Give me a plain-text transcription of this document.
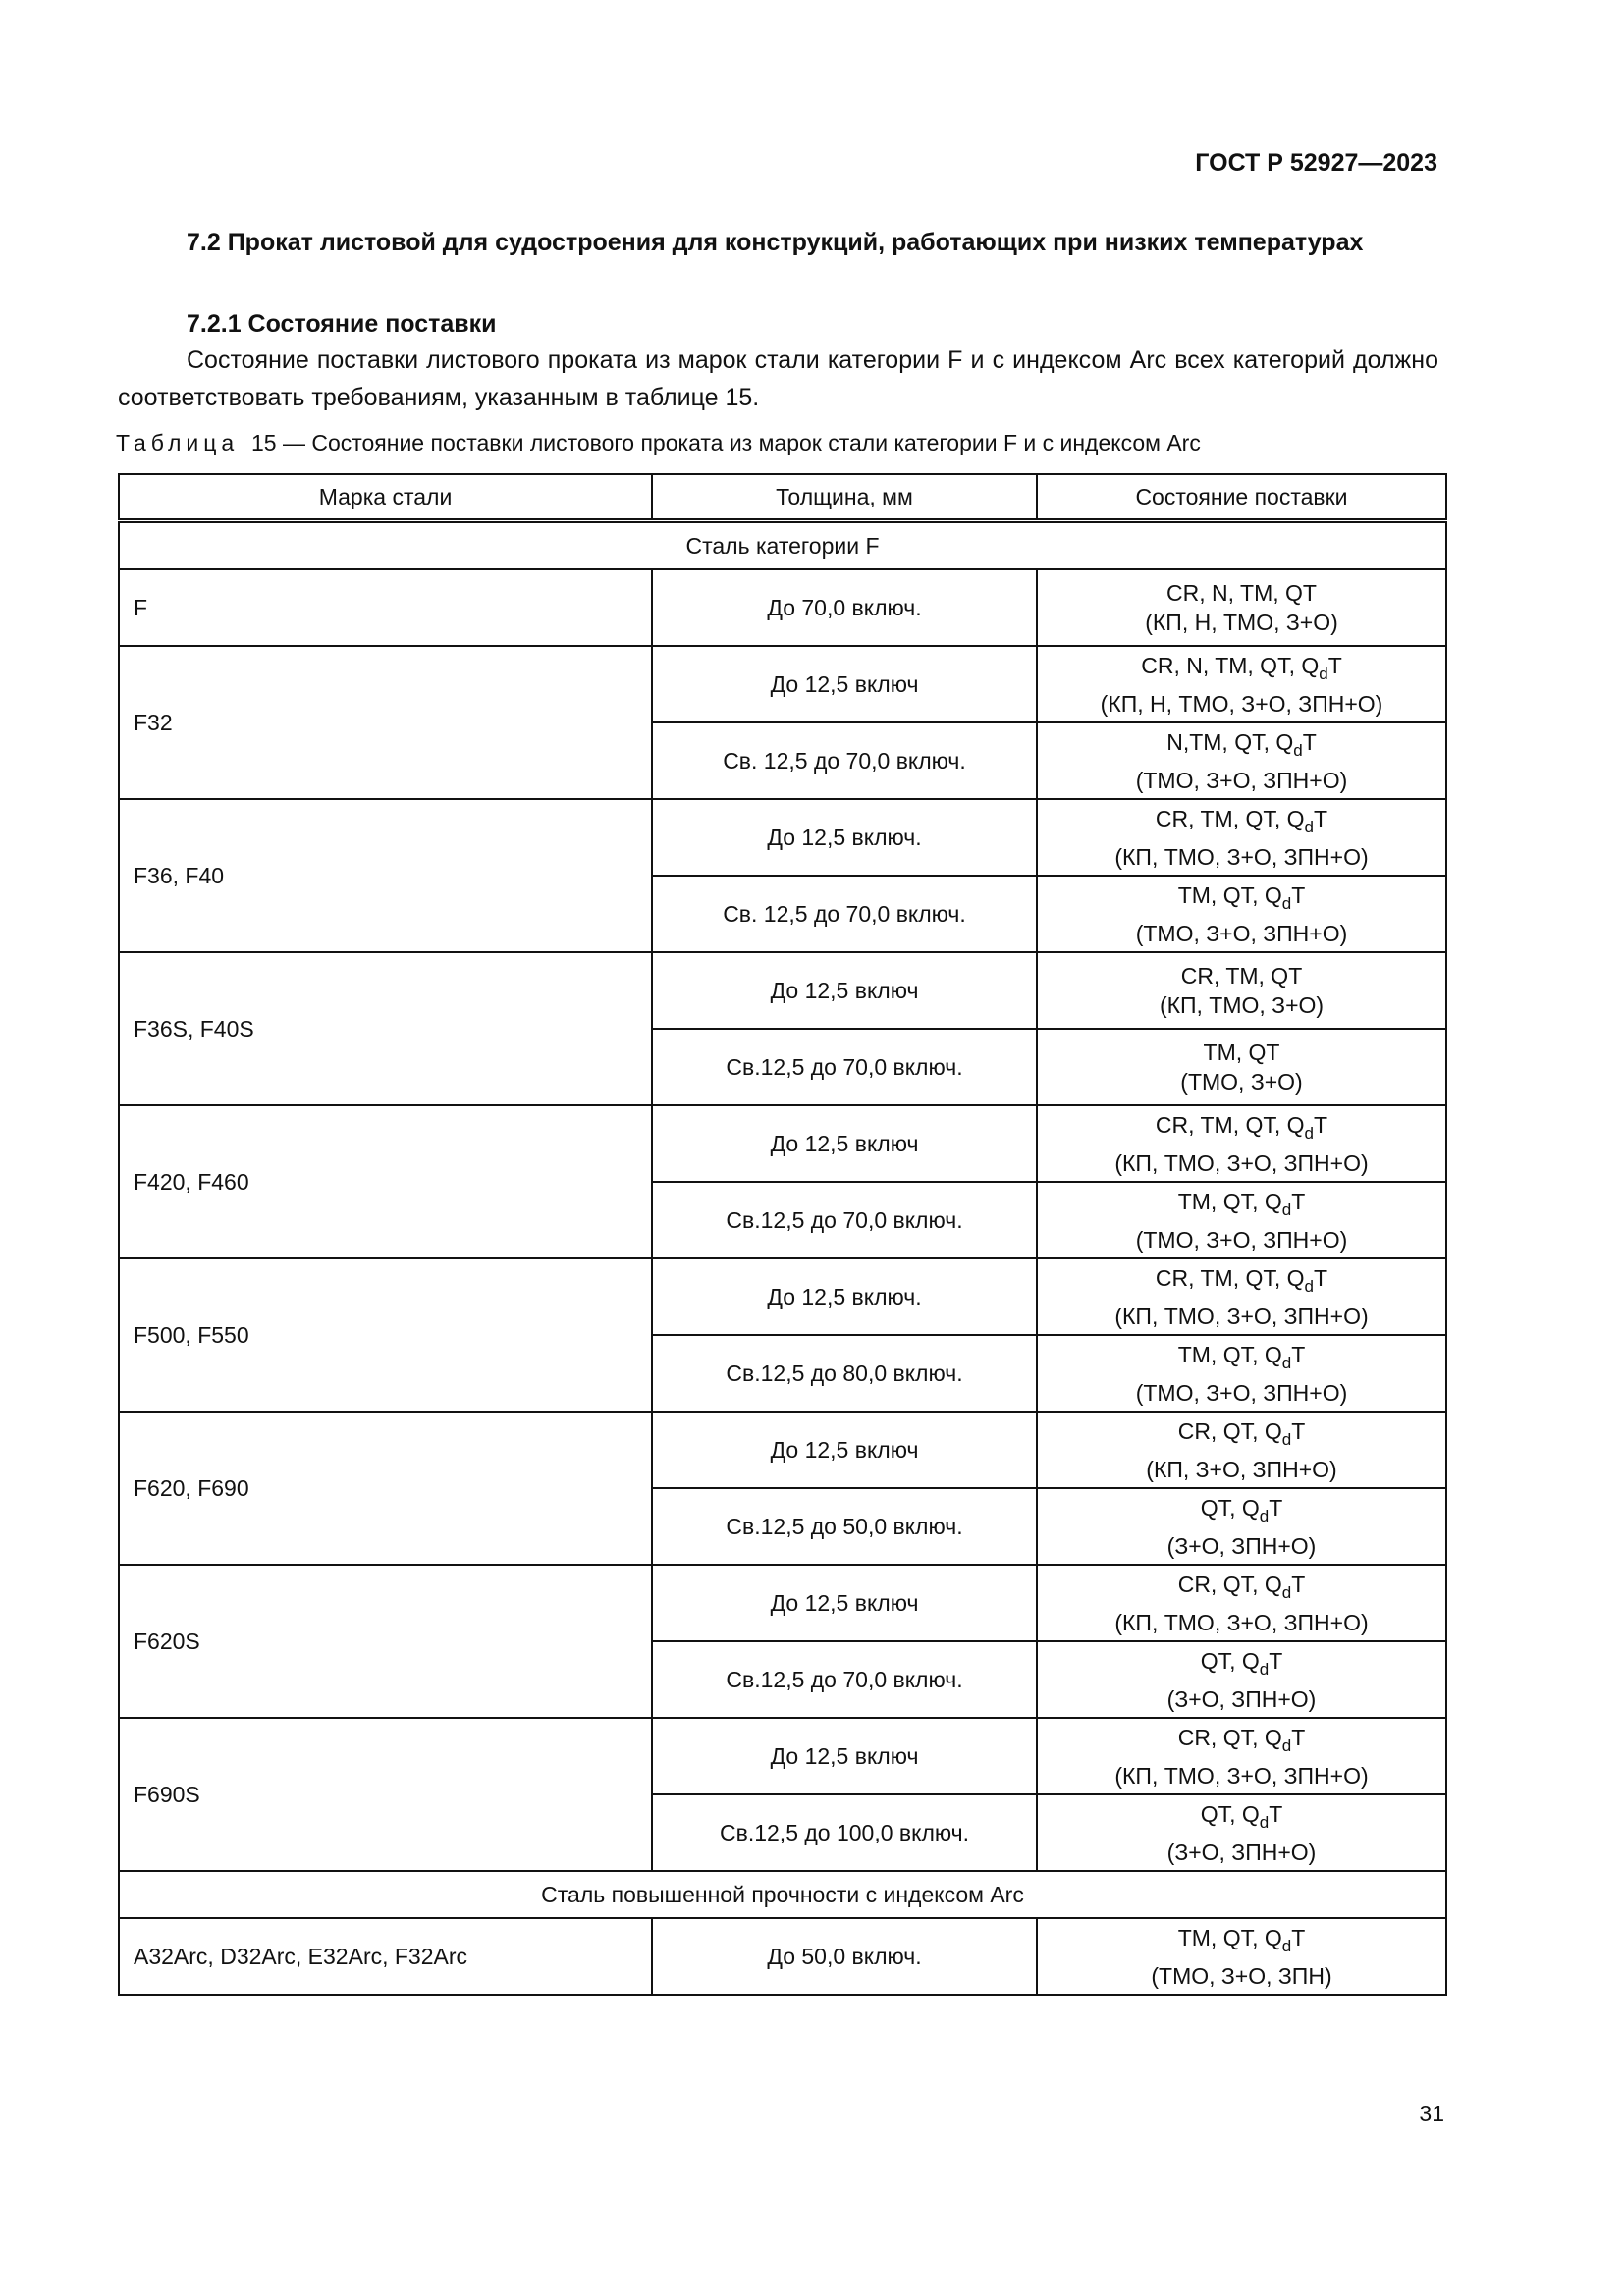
ГОСТ Р 52927—2023

7.2 Прокат листовой для судостроения для конструкций, работающих при низких температурах

7.2.1 Состояние поставки

Состояние поставки листового проката из марок стали категории F и с индексом Arc всех категорий должно соответствовать требованиям, указанным в таблице 15.

Таблица 15 — Состояние поставки листового проката из марок стали категории F и с индексом Arc

Марка стали	Толщина, мм	Состояние поставки
Сталь категории F		
F	До 70,0 включ.	CR, N, TM, QT
(КП, Н, ТМО, З+О)

F32	До 12,5 включ	CR, N, TM, QT, $Q_dT$
(КП, Н, ТМО, З+О, ЗПН+О)

	Св. 12,5 до 70,0 включ.	N,TM, QT, $Q_dT$
(ТМО, З+О, ЗПН+О)

F36, F40	До 12,5 включ.	CR, TM, QT, $Q_dT$
(КП, ТМО, З+О, ЗПН+О)

	Св. 12,5 до 70,0 включ.	TM, QT, $Q_dT$
(ТМО, З+О, ЗПН+О)

F36S, F40S	До 12,5 включ	CR, TM, QT
(КП, ТМО, З+О)

	Св.12,5 до 70,0 включ.	TM, QT
(ТМО, З+О)

F420, F460	До 12,5 включ	CR, TM, QT, $Q_dT$
(КП, ТМО, З+О, ЗПН+О)

	Св.12,5 до 70,0 включ.	TM, QT, $Q_dT$
(ТМО, З+О, ЗПН+О)

F500, F550	До 12,5 включ.	CR, TM, QT, $Q_dT$
(КП, ТМО, З+О, ЗПН+О)

	Св.12,5 до 80,0 включ.	TM, QT, $Q_dT$
(ТМО, З+О, ЗПН+О)

F620, F690	До 12,5 включ	CR, QT, $Q_dT$
(КП, З+О, ЗПН+О)

	Св.12,5 до 50,0 включ.	QT, $Q_dT$
(З+О, ЗПН+О)

F620S	До 12,5 включ	CR, QT, $Q_dT$
(КП, ТМО, З+О, ЗПН+О)

	Св.12,5 до 70,0 включ.	QT, $Q_dT$
(З+О, ЗПН+О)

F690S	До 12,5 включ	CR, QT, $Q_dT$
(КП, ТМО, З+О, ЗПН+О)

	Св.12,5 до 100,0 включ.	QT, $Q_dT$
(З+О, ЗПН+О)

Сталь повышенной прочности с индексом Arc		
A32Arc, D32Arc, E32Arc, F32Arc	До 50,0 включ.	TM, QT, $Q_dT$
(ТМО, З+О, ЗПН)

31
